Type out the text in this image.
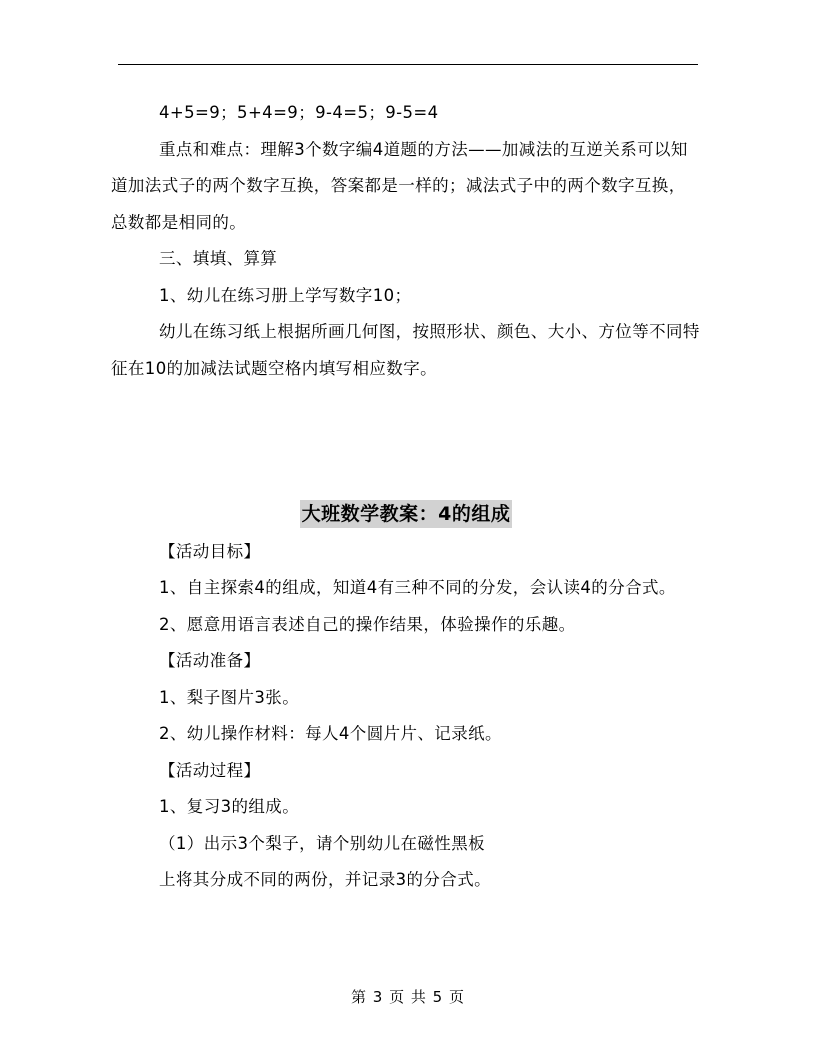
4+5=9；5+4=9；9-4=5；9-5=4

重点和难点：理解3个数字编4道题的方法——加减法的互逆关系可以知道加法式子的两个数字互换，答案都是一样的；减法式子中的两个数字互换，总数都是相同的。

三、填填、算算

1、幼儿在练习册上学写数字10；

幼儿在练习纸上根据所画几何图，按照形状、颜色、大小、方位等不同特征在10的加减法试题空格内填写相应数字。

大班数学教案：4的组成

【活动目标】

1、自主探索4的组成，知道4有三种不同的分发，会认读4的分合式。

2、愿意用语言表述自己的操作结果，体验操作的乐趣。

【活动准备】

1、梨子图片3张。

2、幼儿操作材料：每人4个圆片片、记录纸。

【活动过程】

1、复习3的组成。

（1）出示3个梨子，请个别幼儿在磁性黑板

上将其分成不同的两份，并记录3的分合式。

第 3 页 共 5 页
